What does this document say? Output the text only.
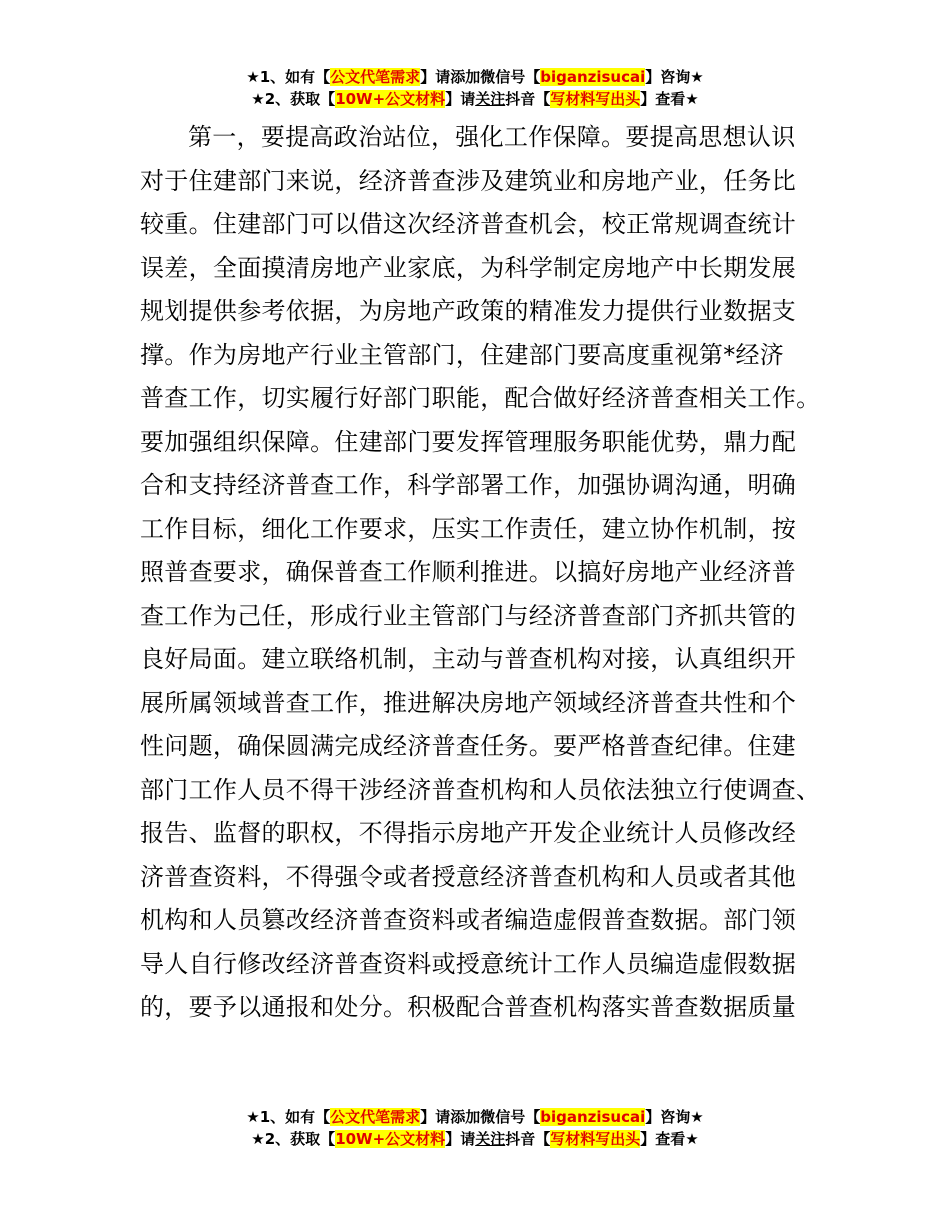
★1、如有【公文代笔需求】请添加微信号【biganzisucai】咨询★
★2、获取【10W+公文材料】请关注抖音【写材料写出头】查看★
第一，要提高政治站位，强化工作保障。要提高思想认识
对于住建部门来说，经济普查涉及建筑业和房地产业，任务比
较重。住建部门可以借这次经济普查机会，校正常规调查统计
误差，全面摸清房地产业家底，为科学制定房地产中长期发展
规划提供参考依据，为房地产政策的精准发力提供行业数据支
撑。作为房地产行业主管部门，住建部门要高度重视第*经济
普查工作，切实履行好部门职能，配合做好经济普查相关工作。
要加强组织保障。住建部门要发挥管理服务职能优势，鼎力配
合和支持经济普查工作，科学部署工作，加强协调沟通，明确
工作目标，细化工作要求，压实工作责任，建立协作机制，按
照普查要求，确保普查工作顺利推进。以搞好房地产业经济普
查工作为己任，形成行业主管部门与经济普查部门齐抓共管的
良好局面。建立联络机制，主动与普查机构对接，认真组织开
展所属领域普查工作，推进解决房地产领域经济普查共性和个
性问题，确保圆满完成经济普查任务。要严格普查纪律。住建
部门工作人员不得干涉经济普查机构和人员依法独立行使调查、
报告、监督的职权，不得指示房地产开发企业统计人员修改经
济普查资料，不得强令或者授意经济普查机构和人员或者其他
机构和人员篡改经济普查资料或者编造虚假普查数据。部门领
导人自行修改经济普查资料或授意统计工作人员编造虚假数据
的，要予以通报和处分。积极配合普查机构落实普查数据质量
★1、如有【公文代笔需求】请添加微信号【biganzisucai】咨询★
★2、获取【10W+公文材料】请关注抖音【写材料写出头】查看★
